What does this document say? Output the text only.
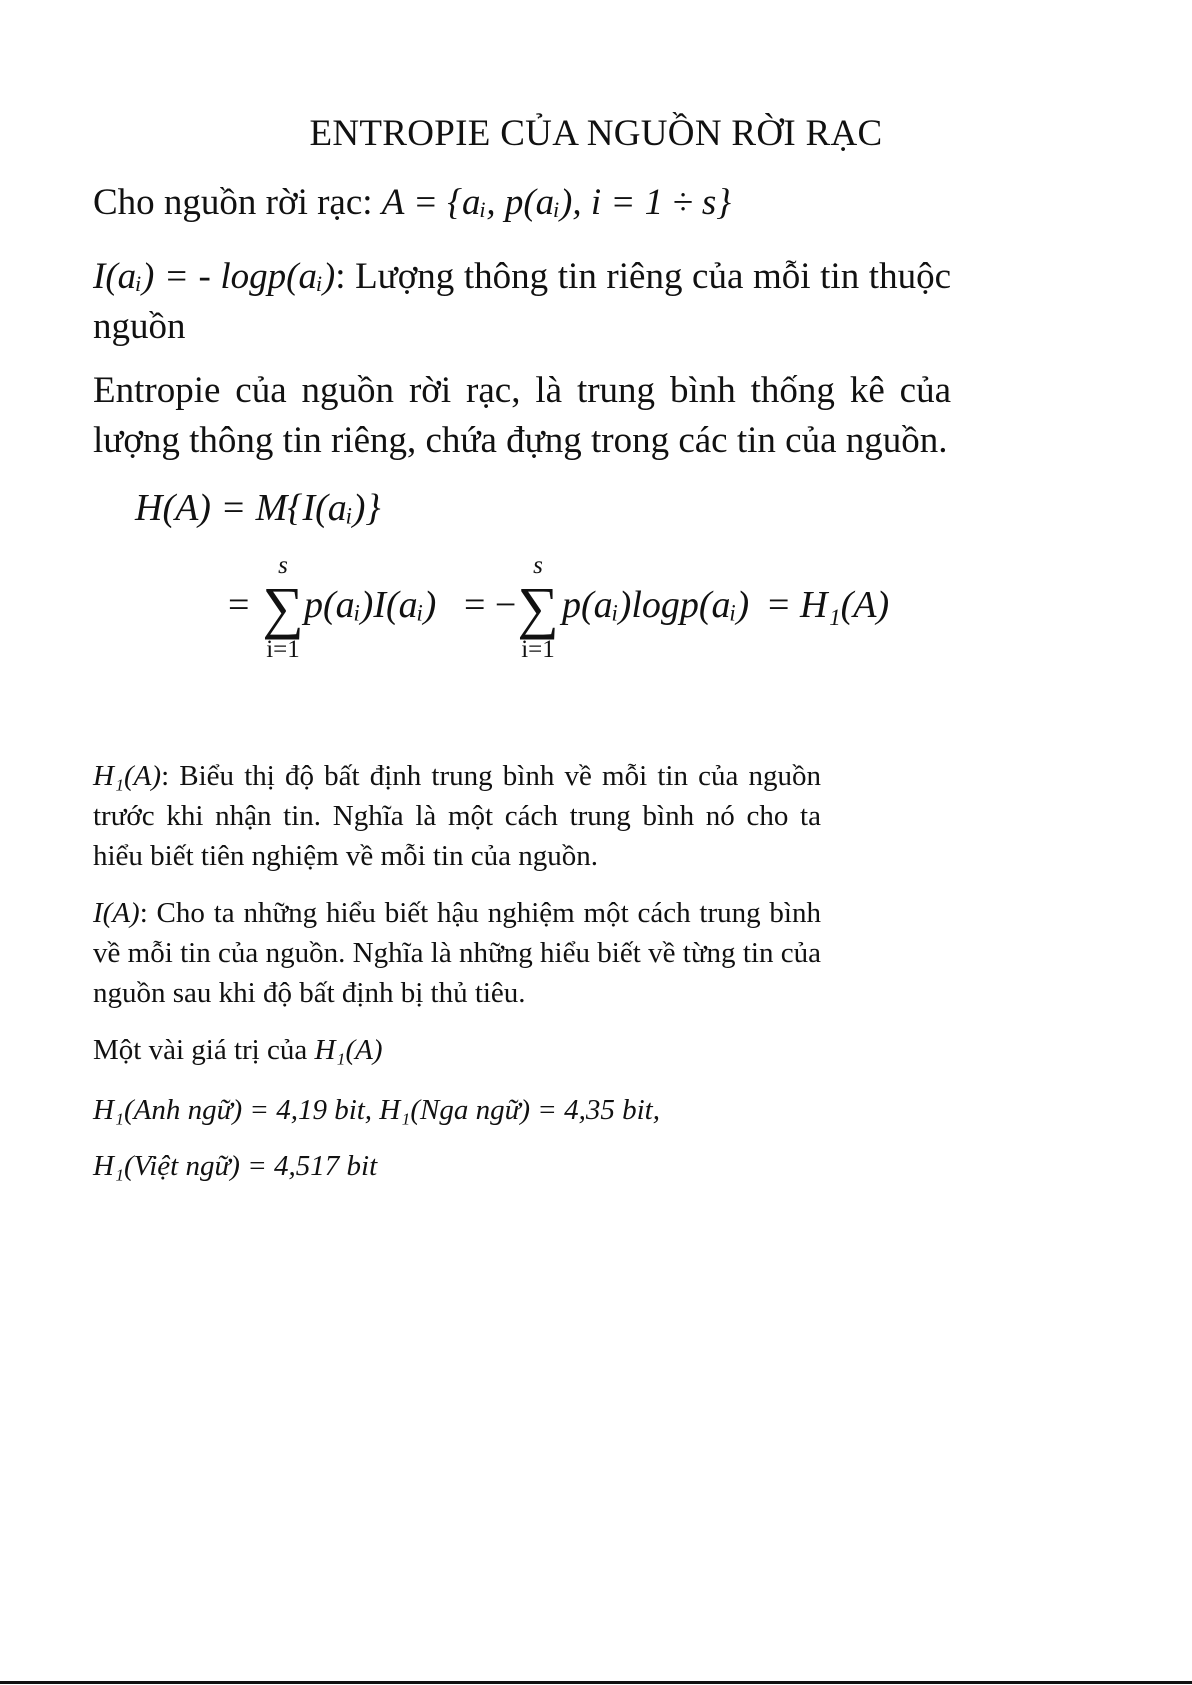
ENTROPIE CỦA NGUỒN RỜI RẠC
Cho nguồn rời rạc: A = {aᵢ, p(aᵢ), i = 1 ÷ s}
I(aᵢ) = - logp(aᵢ): Lượng thông tin riêng của mỗi tin thuộc nguồn
Entropie của nguồn rời rạc, là trung bình thống kê của lượng thông tin riêng, chứa đựng trong các tin của nguồn.
H(A) = M{I(aᵢ)}
=
s
∑
i=1
p(aᵢ)I(aᵢ) = −
s
∑
i=1
p(aᵢ)logp(aᵢ) = H₁(A)
H₁(A): Biểu thị độ bất định trung bình về mỗi tin của nguồn trước khi nhận tin. Nghĩa là một cách trung bình nó cho ta hiểu biết tiên nghiệm về mỗi tin của nguồn.
I(A): Cho ta những hiểu biết hậu nghiệm một cách trung bình về mỗi tin của nguồn. Nghĩa là những hiểu biết về từng tin của nguồn sau khi độ bất định bị thủ tiêu.
Một vài giá trị của H₁(A)
H₁(Anh ngữ) = 4,19 bit, H₁(Nga ngữ) = 4,35 bit,
H₁(Việt ngữ) = 4,517 bit
